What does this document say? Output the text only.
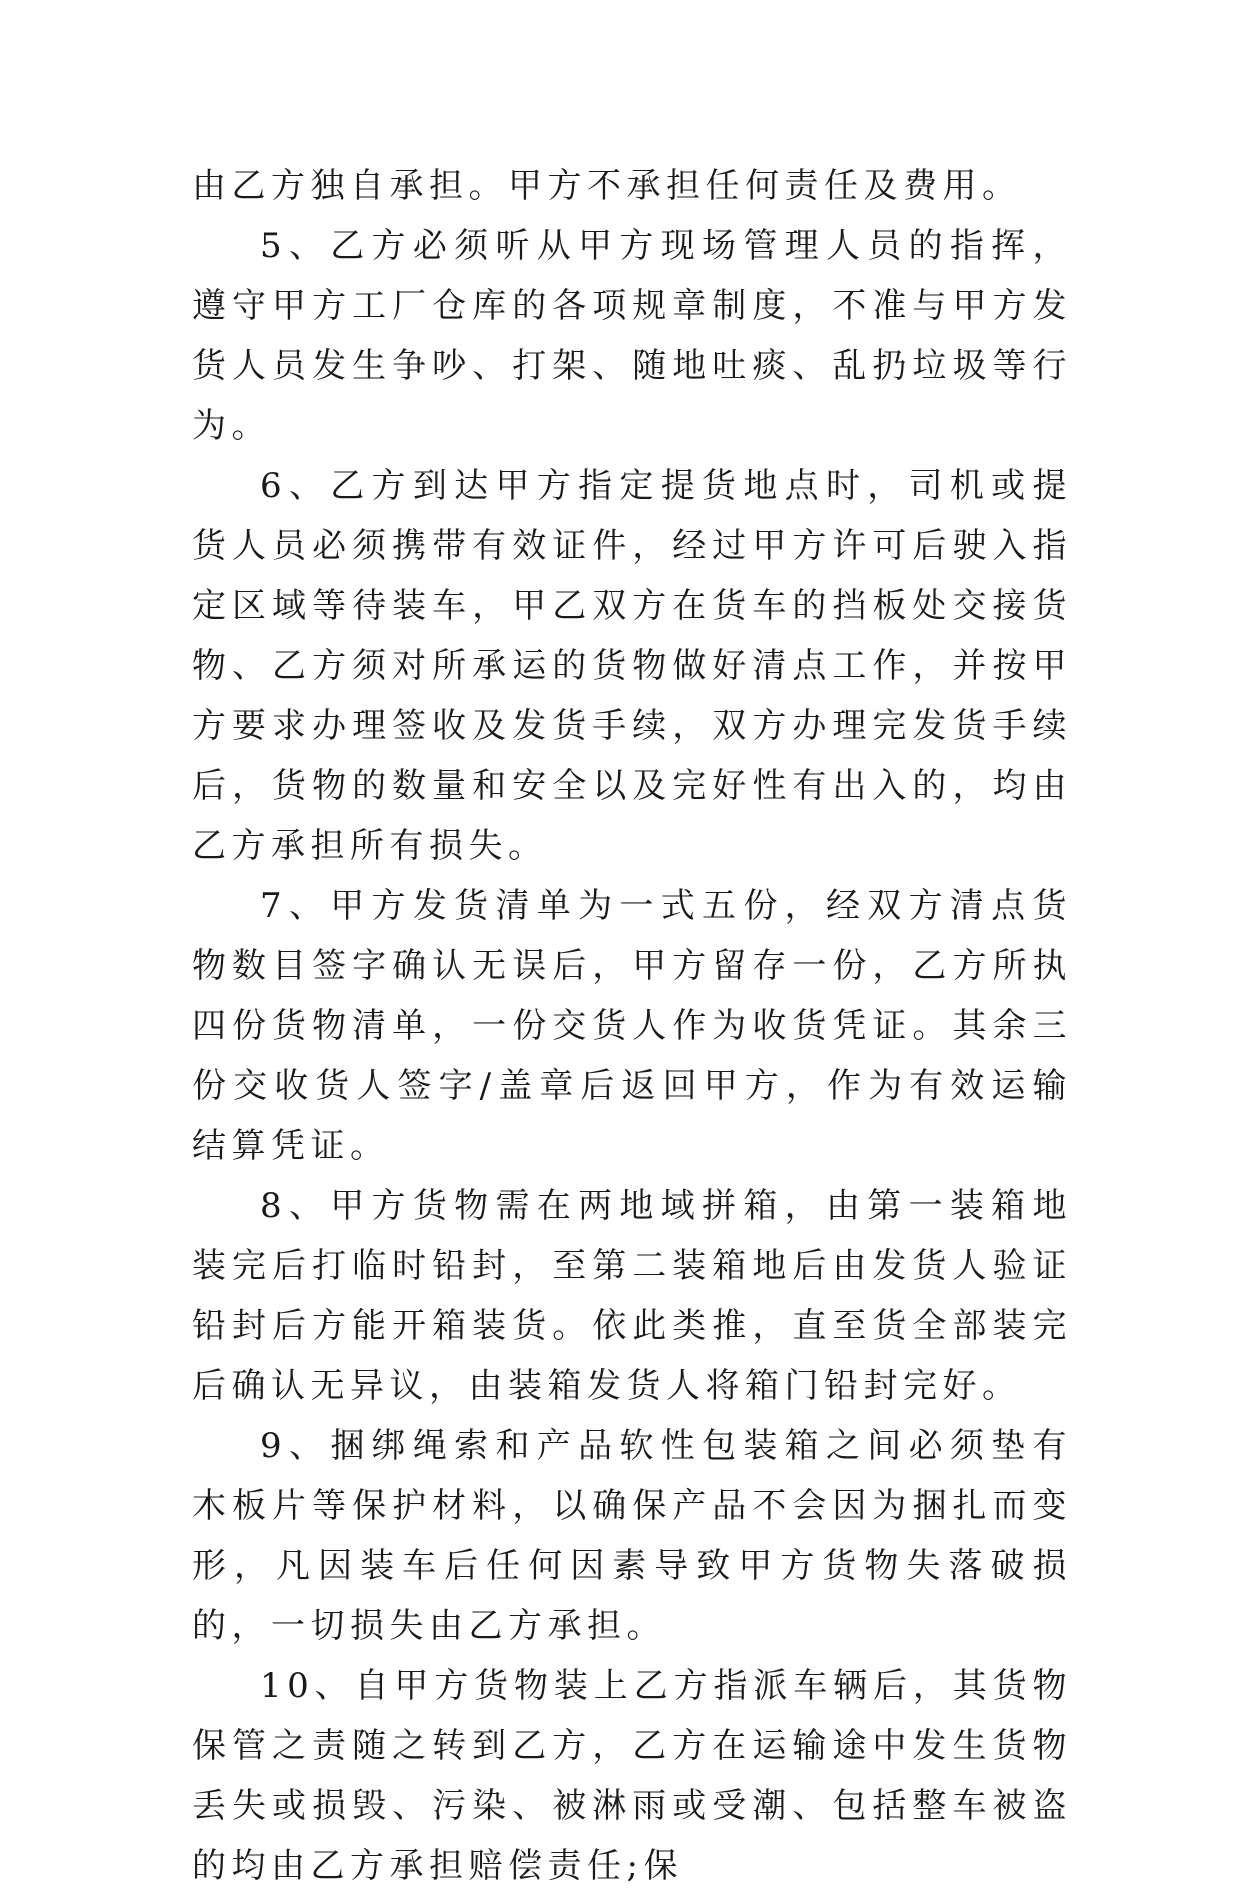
由乙方独自承担。甲方不承担任何责任及费用。

5、乙方必须听从甲方现场管理人员的指挥，遵守甲方工厂仓库的各项规章制度，不准与甲方发货人员发生争吵、打架、随地吐痰、乱扔垃圾等行为。

6、乙方到达甲方指定提货地点时，司机或提货人员必须携带有效证件，经过甲方许可后驶入指定区域等待装车，甲乙双方在货车的挡板处交接货物、乙方须对所承运的货物做好清点工作，并按甲方要求办理签收及发货手续，双方办理完发货手续后，货物的数量和安全以及完好性有出入的，均由乙方承担所有损失。

7、甲方发货清单为一式五份，经双方清点货物数目签字确认无误后，甲方留存一份，乙方所执四份货物清单，一份交货人作为收货凭证。其余三份交收货人签字/盖章后返回甲方，作为有效运输结算凭证。

8、甲方货物需在两地域拼箱，由第一装箱地装完后打临时铅封，至第二装箱地后由发货人验证铅封后方能开箱装货。依此类推，直至货全部装完后确认无异议，由装箱发货人将箱门铅封完好。

9、捆绑绳索和产品软性包装箱之间必须垫有木板片等保护材料，以确保产品不会因为捆扎而变形，凡因装车后任何因素导致甲方货物失落破损的，一切损失由乙方承担。

10、自甲方货物装上乙方指派车辆后，其货物保管之责随之转到乙方，乙方在运输途中发生货物丢失或损毁、污染、被淋雨或受潮、包括整车被盗的均由乙方承担赔偿责任;保
